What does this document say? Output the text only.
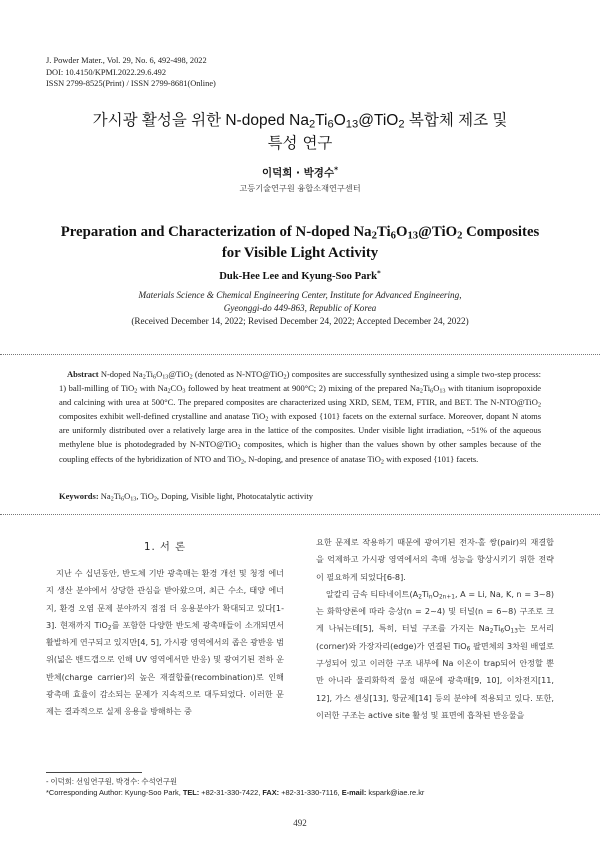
J. Powder Mater., Vol. 29, No. 6, 492-498, 2022
DOI: 10.4150/KPMI.2022.29.6.492
ISSN 2799-8525(Print) / ISSN 2799-8681(Online)
가시광 활성을 위한 N-doped $Na_2Ti_6O_{13}@TiO_2$ 복합체 제조 및
특성 연구
이덕희 · 박경수*
고등기술연구원 융합소재연구센터
Preparation and Characterization of N-doped $Na_2Ti_6O_{13}@TiO_2$ Composites
for Visible Light Activity
Duk-Hee Lee and Kyung-Soo Park*
Materials Science & Chemical Engineering Center, Institute for Advanced Engineering,
Gyeonggi-do 449-863, Republic of Korea
(Received December 14, 2022; Revised December 24, 2022; Accepted December 24, 2022)
Abstract N-doped $Na_2Ti_6O_{13}@TiO_2$ (denoted as N-NTO@TiO$_2$) composites are successfully synthesized using a simple two-step process: 1) ball-milling of TiO$_2$ with $Na_2CO_3$ followed by heat treatment at 900°C; 2) mixing of the prepared $Na_2Ti_6O_{13}$ with titanium isopropoxide and calcining with urea at 500°C. The prepared composites are characterized using XRD, SEM, TEM, FTIR, and BET. The N-NTO@TiO$_2$ composites exhibit well-defined crystalline and anatase TiO$_2$ with exposed {101} facets on the external surface. Moreover, dopant N atoms are uniformly distributed over a relatively large area in the lattice of the composites. Under visible light irradiation, ~51% of the aqueous methylene blue is photodegraded by N-NTO@TiO$_2$ composites, which is higher than the values shown by other samples because of the coupling effects of the hybridization of NTO and TiO$_2$, N-doping, and presence of anatase TiO$_2$ with exposed {101} facets.
Keywords: $Na_2Ti_6O_{13}$, TiO$_2$, Doping, Visible light, Photocatalytic activity
1. 서 론

지난 수 십년동안, 반도체 기반 광촉매는 환경 개선 및 청정 에너지 생산 분야에서 상당한 관심을 받아왔으며, 최근 수소, 태양 에너지, 환경 오염 문제 분야까지 점점 더 응용분야가 확대되고 있다[1-3]. 현재까지 TiO$_2$를 포함한 다양한 반도체 광촉매들이 소개되면서 활발하게 연구되고 있지만[4, 5], 가시광 영역에서의 좁은 광반응 범위(넓은 밴드갭으로 인해 UV 영역에서만 반응) 및 광여기된 전하 운반체(charge carrier)의 높은 재결합률(recombination)로 인해 광촉매 효율이 감소되는 문제가 지속적으로 대두되었다. 이러한 문제는 결과적으로 실제 응용을 방해하는 중

요한 문제로 작용하기 때문에 광여기된 전자-홀 쌍(pair)의 재결합을 억제하고 가시광 영역에서의 촉매 성능을 향상시키기 위한 전략이 필요하게 되었다[6-8].

알칼리 금속 티타네이트($A_2Ti_nO_{2n+1}$, A = Li, Na, K, n = 3~8)는 화학양론에 따라 층상(n = 2~4) 및 터널(n = 6~8) 구조로 크게 나눠는데[5], 특히, 터널 구조를 가지는 $Na_2Ti_6O_{13}$는 모서리(corner)와 가장자리(edge)가 연결된 TiO$_6$ 팔면체의 3차원 배열로 구성되어 있고 이러한 구조 내부에 Na 이온이 trap되어 안정할 뿐만 아니라 물리화학적 물성 때문에 광촉매[9, 10], 이차전지[11, 12], 가스 센싱[13], 항균제[14] 등의 분야에 적용되고 있다. 또한, 이러한 구조는 active site 활성 및 표면에 흡착된 반응물을

- 이덕희: 선임연구원, 박경수: 수석연구원
*Corresponding Author: Kyung-Soo Park, TEL: +82-31-330-7422, FAX: +82-31-330-7116, E-mail: kspark@iae.re.kr
492
